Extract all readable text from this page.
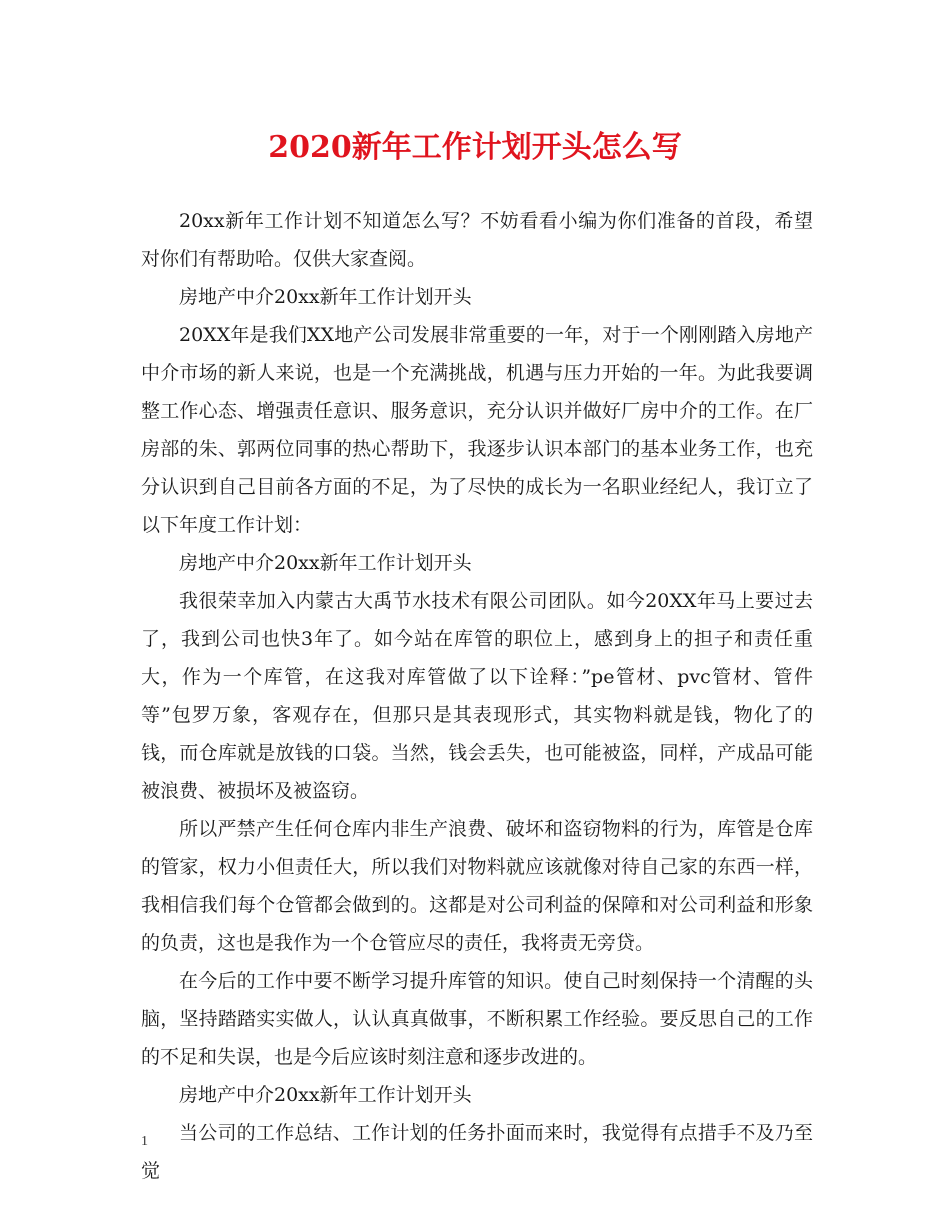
2020新年工作计划开头怎么写

20xx新年工作计划不知道怎么写？不妨看看小编为你们准备的首段，希望对你们有帮助哈。仅供大家查阅。

房地产中介20xx新年工作计划开头

20XX年是我们XX地产公司发展非常重要的一年，对于一个刚刚踏入房地产中介市场的新人来说，也是一个充满挑战，机遇与压力开始的一年。为此我要调整工作心态、增强责任意识、服务意识，充分认识并做好厂房中介的工作。在厂房部的朱、郭两位同事的热心帮助下，我逐步认识本部门的基本业务工作，也充分认识到自己目前各方面的不足，为了尽快的成长为一名职业经纪人，我订立了以下年度工作计划：

房地产中介20xx新年工作计划开头

我很荣幸加入内蒙古大禹节水技术有限公司团队。如今20XX年马上要过去了，我到公司也快3年了。如今站在库管的职位上，感到身上的担子和责任重大，作为一个库管，在这我对库管做了以下诠释：”pe管材、pvc管材、管件等”包罗万象，客观存在，但那只是其表现形式，其实物料就是钱，物化了的钱，而仓库就是放钱的口袋。当然，钱会丢失，也可能被盗，同样，产成品可能被浪费、被损坏及被盗窃。

所以严禁产生任何仓库内非生产浪费、破坏和盗窃物料的行为，库管是仓库的管家，权力小但责任大，所以我们对物料就应该就像对待自己家的东西一样，我相信我们每个仓管都会做到的。这都是对公司利益的保障和对公司利益和形象的负责，这也是我作为一个仓管应尽的责任，我将责无旁贷。

在今后的工作中要不断学习提升库管的知识。使自己时刻保持一个清醒的头脑，坚持踏踏实实做人，认认真真做事，不断积累工作经验。要反思自己的工作的不足和失误，也是今后应该时刻注意和逐步改进的。

房地产中介20xx新年工作计划开头

当公司的工作总结、工作计划的任务扑面而来时，我觉得有点措手不及乃至觉

1
